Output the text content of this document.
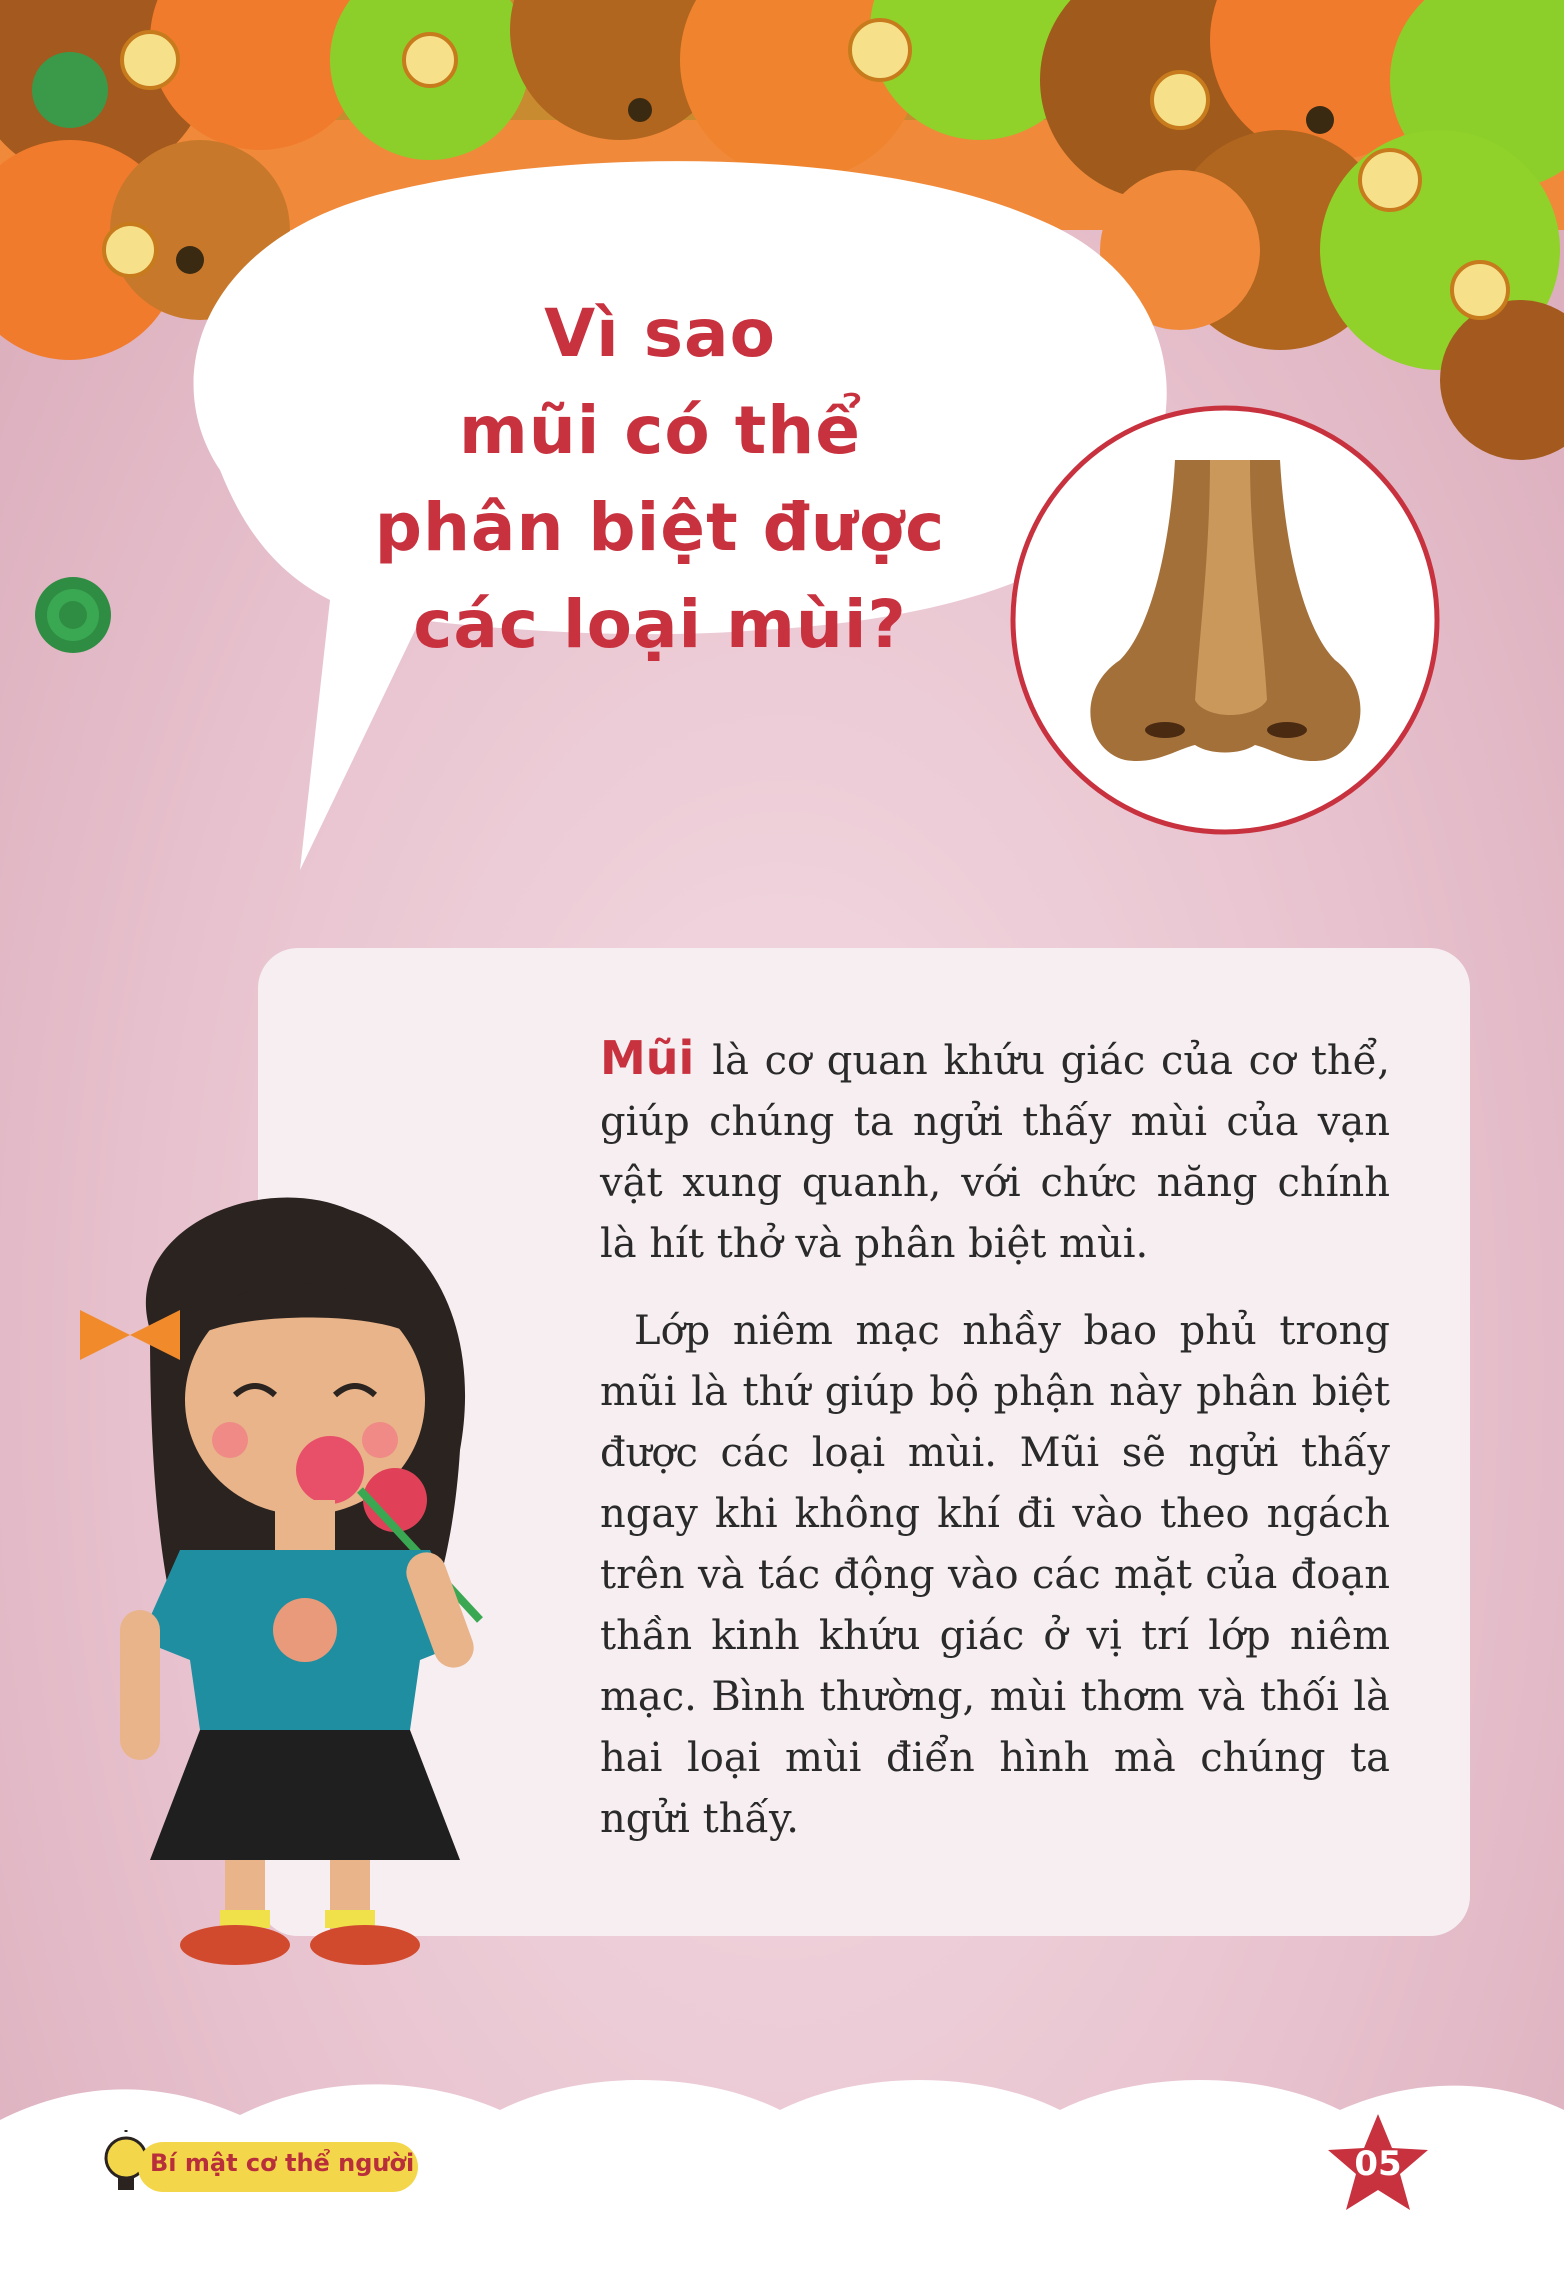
Vì sao
mũi có thể
phân biệt được
các loại mùi?

Mũi là cơ quan khứu giác của cơ thể, giúp chúng ta ngửi thấy mùi của vạn vật xung quanh, với chức năng chính là hít thở và phân biệt mùi.

Lớp niêm mạc nhầy bao phủ trong mũi là thứ giúp bộ phận này phân biệt được các loại mùi. Mũi sẽ ngửi thấy ngay khi không khí đi vào theo ngách trên và tác động vào các mặt của đoạn thần kinh khứu giác ở vị trí lớp niêm mạc. Bình thường, mùi thơm và thối là hai loại mùi điển hình mà chúng ta ngửi thấy.

Bí mật cơ thể người	05
